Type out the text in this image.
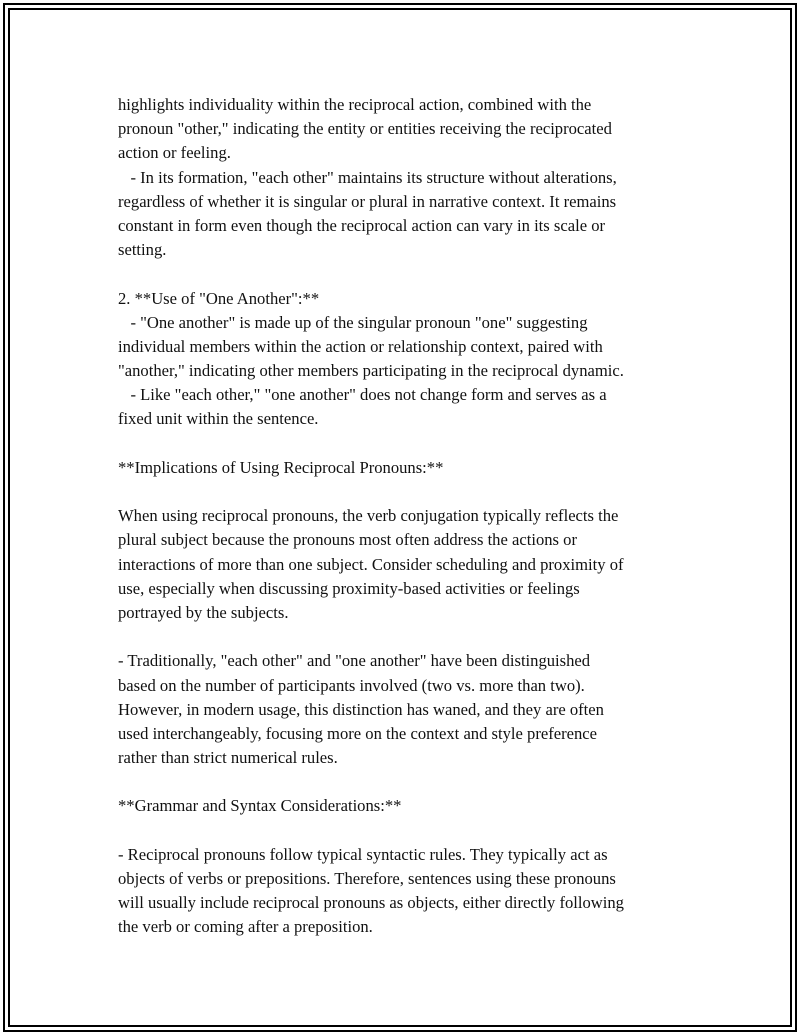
highlights individuality within the reciprocal action, combined with the
pronoun "other," indicating the entity or entities receiving the reciprocated
action or feeling.
- In its formation, "each other" maintains its structure without alterations,
regardless of whether it is singular or plural in narrative context. It remains
constant in form even though the reciprocal action can vary in its scale or
setting.
2. **Use of "One Another":**
- "One another" is made up of the singular pronoun "one" suggesting
individual members within the action or relationship context, paired with
"another," indicating other members participating in the reciprocal dynamic.
- Like "each other," "one another" does not change form and serves as a
fixed unit within the sentence.
**Implications of Using Reciprocal Pronouns:**
When using reciprocal pronouns, the verb conjugation typically reflects the
plural subject because the pronouns most often address the actions or
interactions of more than one subject. Consider scheduling and proximity of
use, especially when discussing proximity-based activities or feelings
portrayed by the subjects.
- Traditionally, "each other" and "one another" have been distinguished
based on the number of participants involved (two vs. more than two).
However, in modern usage, this distinction has waned, and they are often
used interchangeably, focusing more on the context and style preference
rather than strict numerical rules.
**Grammar and Syntax Considerations:**
- Reciprocal pronouns follow typical syntactic rules. They typically act as
objects of verbs or prepositions. Therefore, sentences using these pronouns
will usually include reciprocal pronouns as objects, either directly following
the verb or coming after a preposition.
